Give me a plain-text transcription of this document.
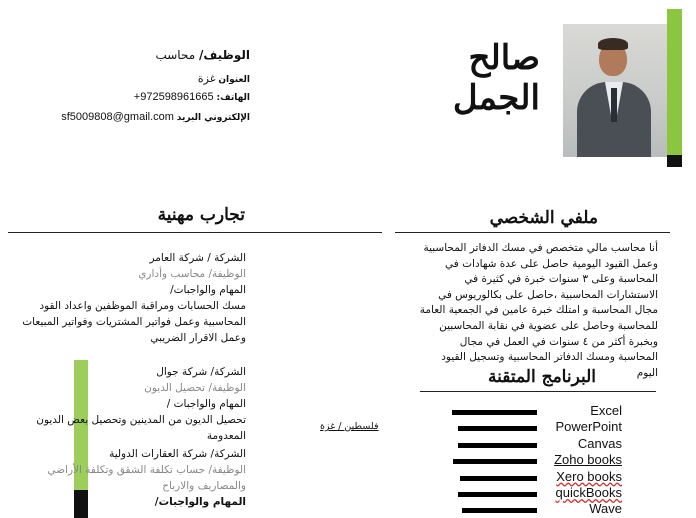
صالح الجمل
الوظيف/ محاسب
العنوان غزة
الهاتف: +972598961665
الإلكتروني البريد sf5009808@gmail.com
تجارب مهنية	ملفي الشخصي
أنا محاسب مالي متخصص في مسك الدفاتر المحاسبية وعمل القيود اليومية حاصل على عدة شهادات في المحاسبة وعلى ٣ سنوات خبرة في كثيرة في الاستشارات المحاسبية ،حاصل على بكالوريوس في مجال المحاسبة و امتلك خبرة عامين في الجمعية العامة للمحاسبة وحاصل على عضوية في نقابة المحاسبين وبخبرة أكثر من ٤ سنوات في العمل في مجال المحاسبة ومسك الدفاتر المحاسبية وتسجيل القيود اليوم
الشركة / شركة العامر
الوظيفة/ محاسب وأداري
المهام والواجبات/
مسك الحسابات ومراقبة الموظفين واعداد القود المحاسبية وعمل فواتير المشتريات وفواتير المبيعات وعمل الاقرار الضريبي
الشركة/ شركة جوال
الوظيفة/ تحصيل الديون
المهام والواجبات /
تحصيل الديون من المدينين وتحصيل بعض الديون المعدومة
الشركة/ شركة العقارات الدولية
الوظيفة/ حساب تكلفة الشقق وتكلفة الأراضي والمصاريف والارباح
المهام والواجبات/
فلسطين / غزة
البرنامج المتقنة
Excel
PowerPoint
Canvas
Zoho books
Xero books
quickBooks
Wave
